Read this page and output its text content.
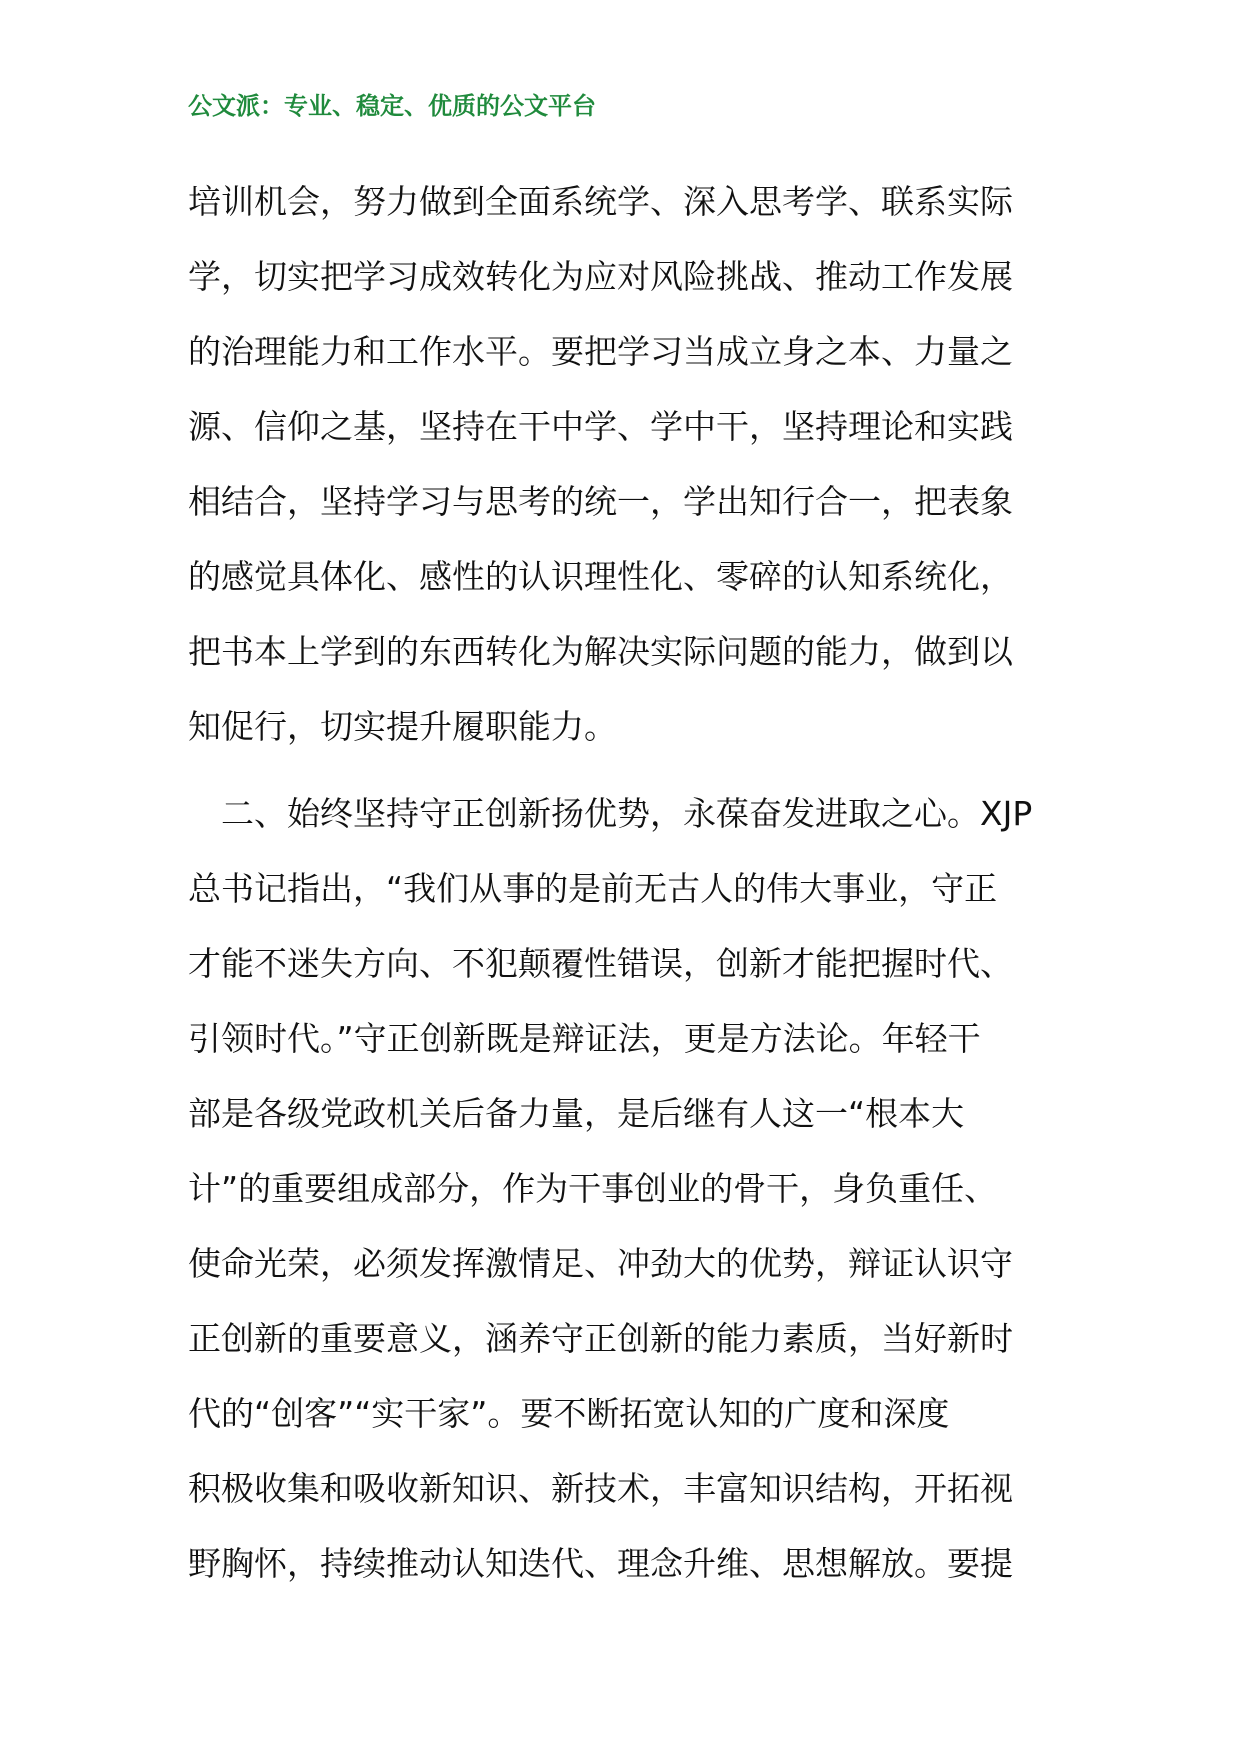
公文派：专业、稳定、优质的公文平台
培训机会，努力做到全面系统学、深入思考学、联系实际
学，切实把学习成效转化为应对风险挑战、推动工作发展
的治理能力和工作水平。要把学习当成立身之本、力量之
源、信仰之基，坚持在干中学、学中干，坚持理论和实践
相结合，坚持学习与思考的统一，学出知行合一，把表象
的感觉具体化、感性的认识理性化、零碎的认知系统化，
把书本上学到的东西转化为解决实际问题的能力，做到以
知促行，切实提升履职能力。
　二、始终坚持守正创新扬优势，永葆奋发进取之心。XJP
总书记指出，“我们从事的是前无古人的伟大事业，守正
才能不迷失方向、不犯颠覆性错误，创新才能把握时代、
引领时代。”守正创新既是辩证法，更是方法论。年轻干
部是各级党政机关后备力量，是后继有人这一“根本大
计”的重要组成部分，作为干事创业的骨干，身负重任、
使命光荣，必须发挥激情足、冲劲大的优势，辩证认识守
正创新的重要意义，涵养守正创新的能力素质，当好新时
代的“创客”“实干家”。要不断拓宽认知的广度和深度
积极收集和吸收新知识、新技术，丰富知识结构，开拓视
野胸怀，持续推动认知迭代、理念升维、思想解放。要提
